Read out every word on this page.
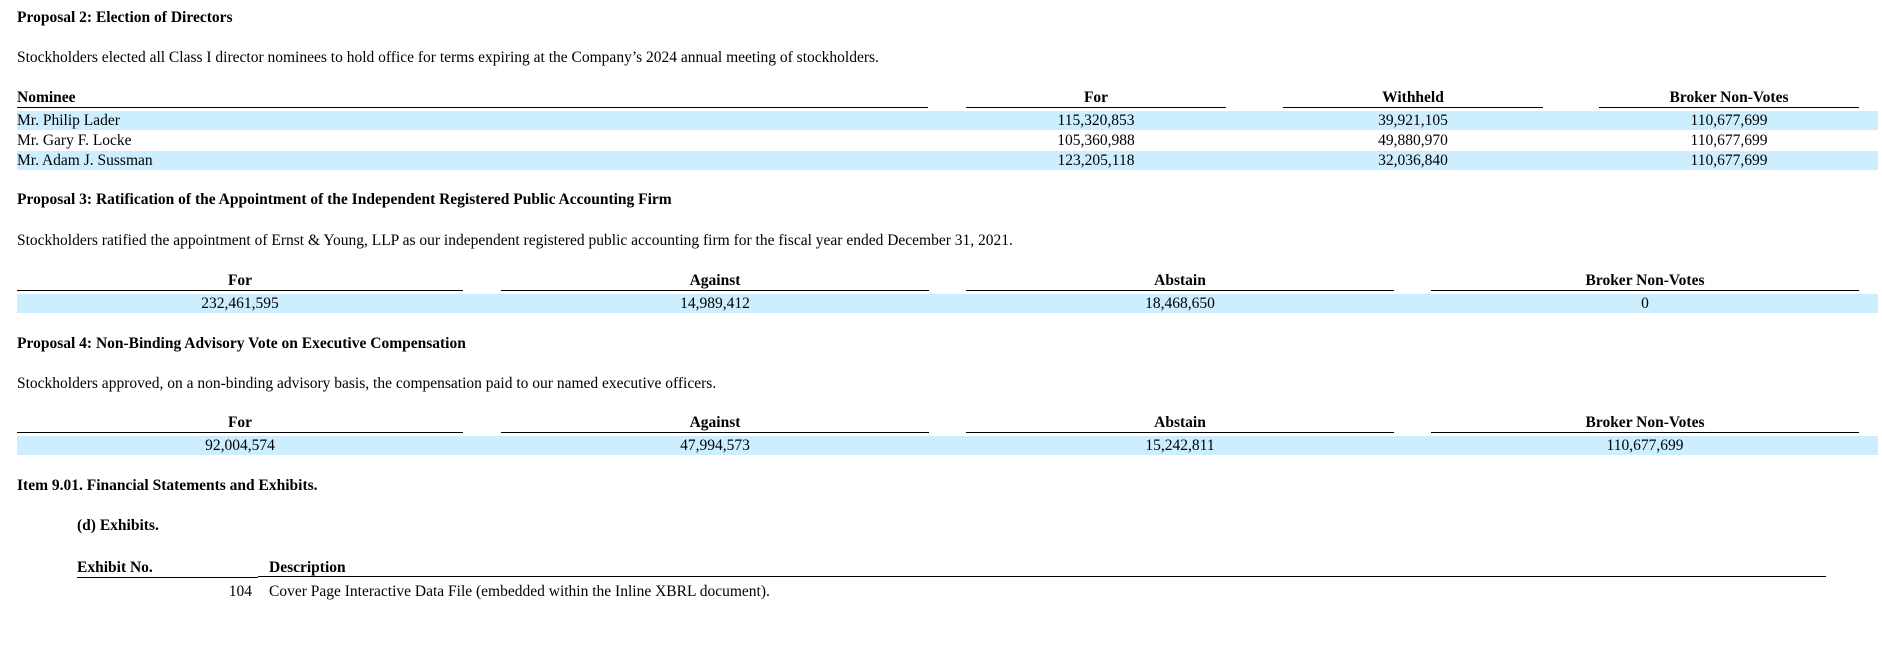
Proposal 2: Election of Directors
Stockholders elected all Class I director nominees to hold office for terms expiring at the Company’s 2024 annual meeting of stockholders.
Nominee	For	Withheld	Broker Non-Votes
Mr. Philip Lader	115,320,853	39,921,105	110,677,699
Mr. Gary F. Locke	105,360,988	49,880,970	110,677,699
Mr. Adam J. Sussman	123,205,118	32,036,840	110,677,699
Proposal 3: Ratification of the Appointment of the Independent Registered Public Accounting Firm
Stockholders ratified the appointment of Ernst & Young, LLP as our independent registered public accounting firm for the fiscal year ended December 31, 2021.
For	Against	Abstain	Broker Non-Votes
232,461,595	14,989,412	18,468,650	0
Proposal 4: Non-Binding Advisory Vote on Executive Compensation
Stockholders approved, on a non-binding advisory basis, the compensation paid to our named executive officers.
For	Against	Abstain	Broker Non-Votes
92,004,574	47,994,573	15,242,811	110,677,699
Item 9.01. Financial Statements and Exhibits.
(d) Exhibits.
Exhibit No.	Description
104 Cover Page Interactive Data File (embedded within the Inline XBRL document).
